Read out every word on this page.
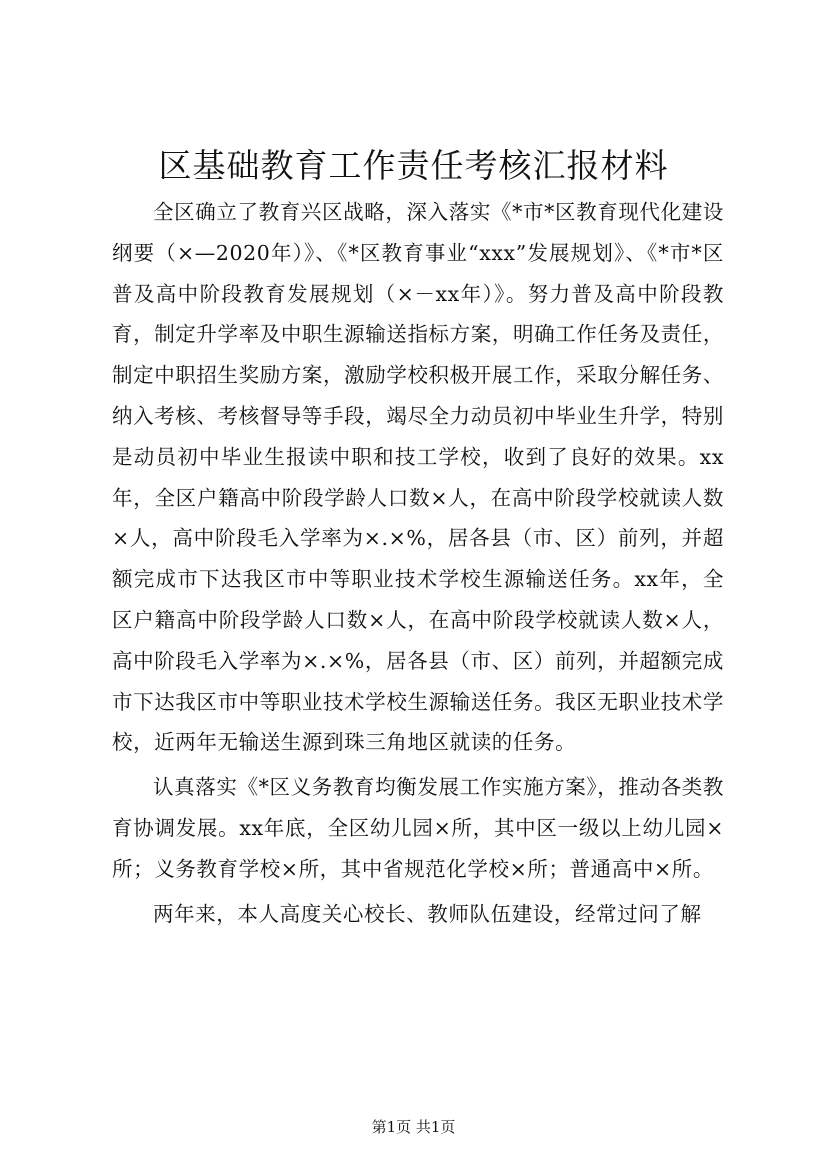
区基础教育工作责任考核汇报材料

全区确立了教育兴区战略，深入落实《*市*区教育现代化建设纲要（×—2020年）》、《*区教育事业“xxx”发展规划》、《*市*区普及高中阶段教育发展规划（×－xx年）》。努力普及高中阶段教育，制定升学率及中职生源输送指标方案，明确工作任务及责任，制定中职招生奖励方案，激励学校积极开展工作，采取分解任务、纳入考核、考核督导等手段，竭尽全力动员初中毕业生升学，特别是动员初中毕业生报读中职和技工学校，收到了良好的效果。xx年，全区户籍高中阶段学龄人口数×人，在高中阶段学校就读人数×人，高中阶段毛入学率为×.×%，居各县（市、区）前列，并超额完成市下达我区市中等职业技术学校生源输送任务。xx年，全区户籍高中阶段学龄人口数×人，在高中阶段学校就读人数×人，高中阶段毛入学率为×.×%，居各县（市、区）前列，并超额完成市下达我区市中等职业技术学校生源输送任务。我区无职业技术学校，近两年无输送生源到珠三角地区就读的任务。

认真落实《*区义务教育均衡发展工作实施方案》，推动各类教育协调发展。xx年底，全区幼儿园×所，其中区一级以上幼儿园×所；义务教育学校×所，其中省规范化学校×所；普通高中×所。

两年来，本人高度关心校长、教师队伍建设，经常过问了解

第1页 共1页
